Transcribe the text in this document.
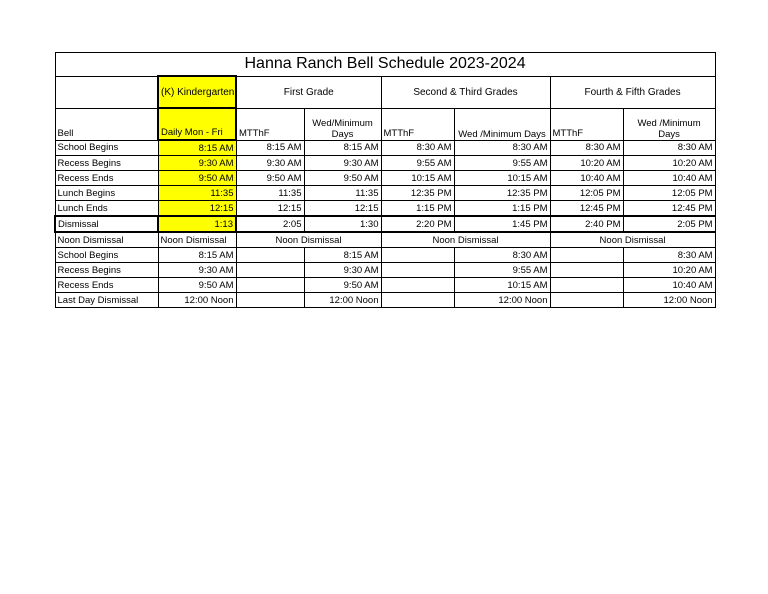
Hanna Ranch Bell Schedule 2023-2024							
	(K) Kindergarten	First Grade		Second & Third Grades		Fourth & Fifth Grades	
Bell	Daily Mon - Fri	MTThF	Wed/Minimum Days	MTThF	Wed /Minimum Days	MTThF	Wed /Minimum Days
School Begins	8:15 AM	8:15 AM	8:15 AM	8:30 AM	8:30 AM	8:30 AM	8:30 AM
Recess Begins	9:30 AM	9:30 AM	9:30 AM	9:55 AM	9:55 AM	10:20 AM	10:20 AM
Recess Ends	9:50 AM	9:50 AM	9:50 AM	10:15 AM	10:15 AM	10:40 AM	10:40 AM
Lunch Begins	11:35	11:35	11:35	12:35 PM	12:35 PM	12:05 PM	12:05 PM
Lunch Ends	12:15	12:15	12:15	1:15 PM	1:15 PM	12:45 PM	12:45 PM
Dismissal	1:13	2:05	1:30	2:20 PM	1:45 PM	2:40 PM	2:05 PM
Noon Dismissal	Noon Dismissal	Noon Dismissal		Noon Dismissal		Noon Dismissal	
School Begins	8:15 AM		8:15 AM		8:30 AM		8:30 AM
Recess Begins	9:30 AM		9:30 AM		9:55 AM		10:20 AM
Recess Ends	9:50 AM		9:50 AM		10:15 AM		10:40 AM
Last Day Dismissal	12:00 Noon		12:00 Noon		12:00 Noon		12:00 Noon
